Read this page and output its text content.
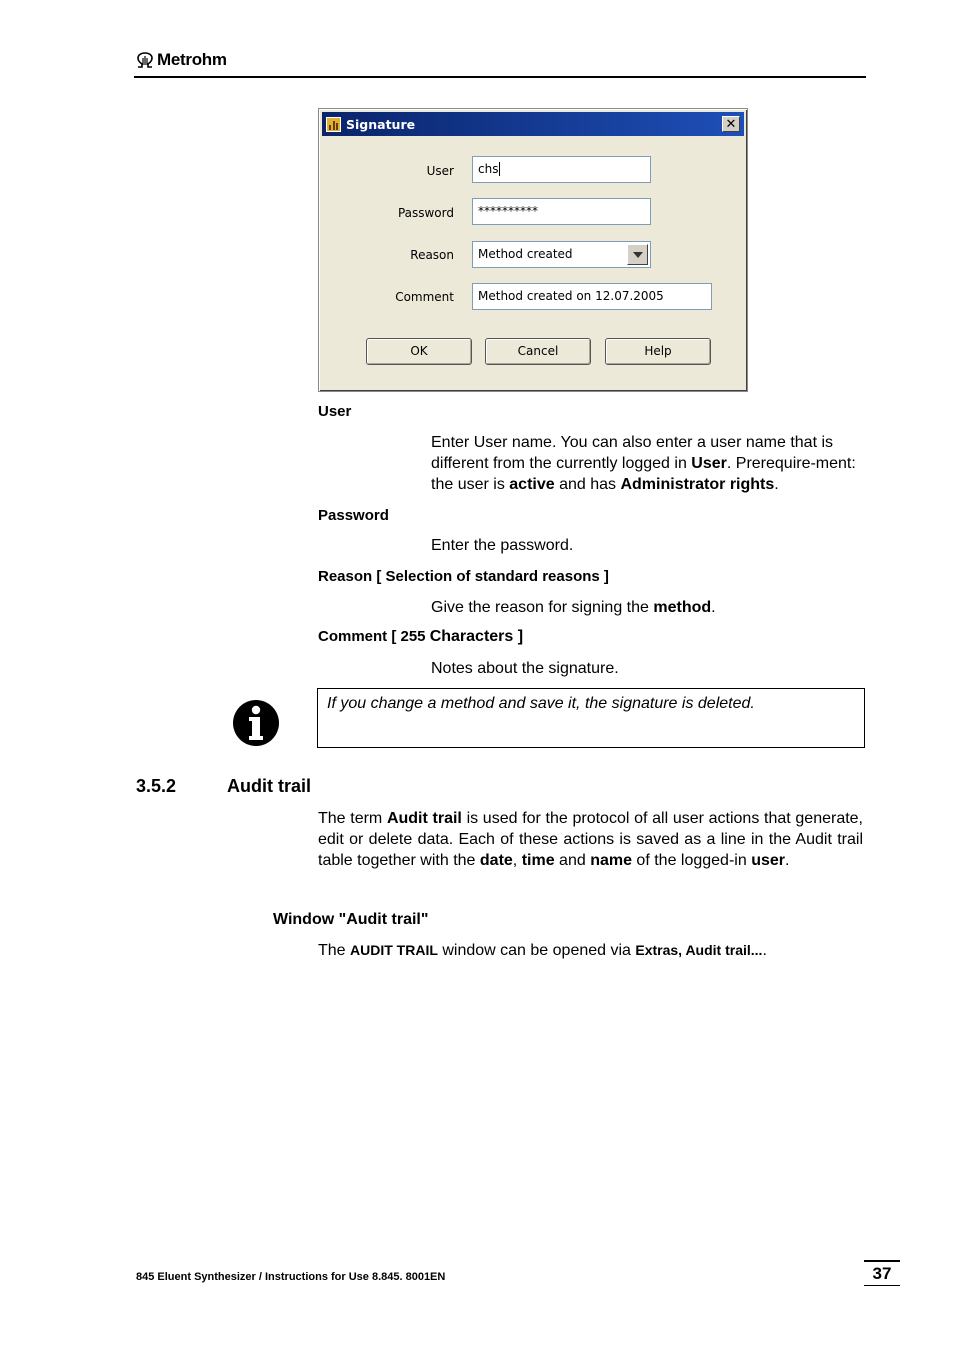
Metrohm
Signature	✕
User	chs
Password	**********
Reason	Method created
Comment	Method created on 12.07.2005
OK	Cancel	Help
User
Enter User name. You can also enter a user name that is different from the currently logged in User. Prerequire-ment: the user is active and has Administrator rights.
Password
Enter the password.
Reason [ Selection of standard reasons ]
Give the reason for signing the method.
Comment [ 255 Characters ]
Notes about the signature.
If you change a method and save it, the signature is deleted.
3.5.2	Audit trail
The term Audit trail is used for the protocol of all user actions that generate, edit or delete data. Each of these actions is saved as a line in the Audit trail table together with the date, time and name of the logged-in user.
Window "Audit trail"
The AUDIT TRAIL window can be opened via Extras, Audit trail....
845 Eluent Synthesizer / Instructions for Use 8.845. 8001EN	37
